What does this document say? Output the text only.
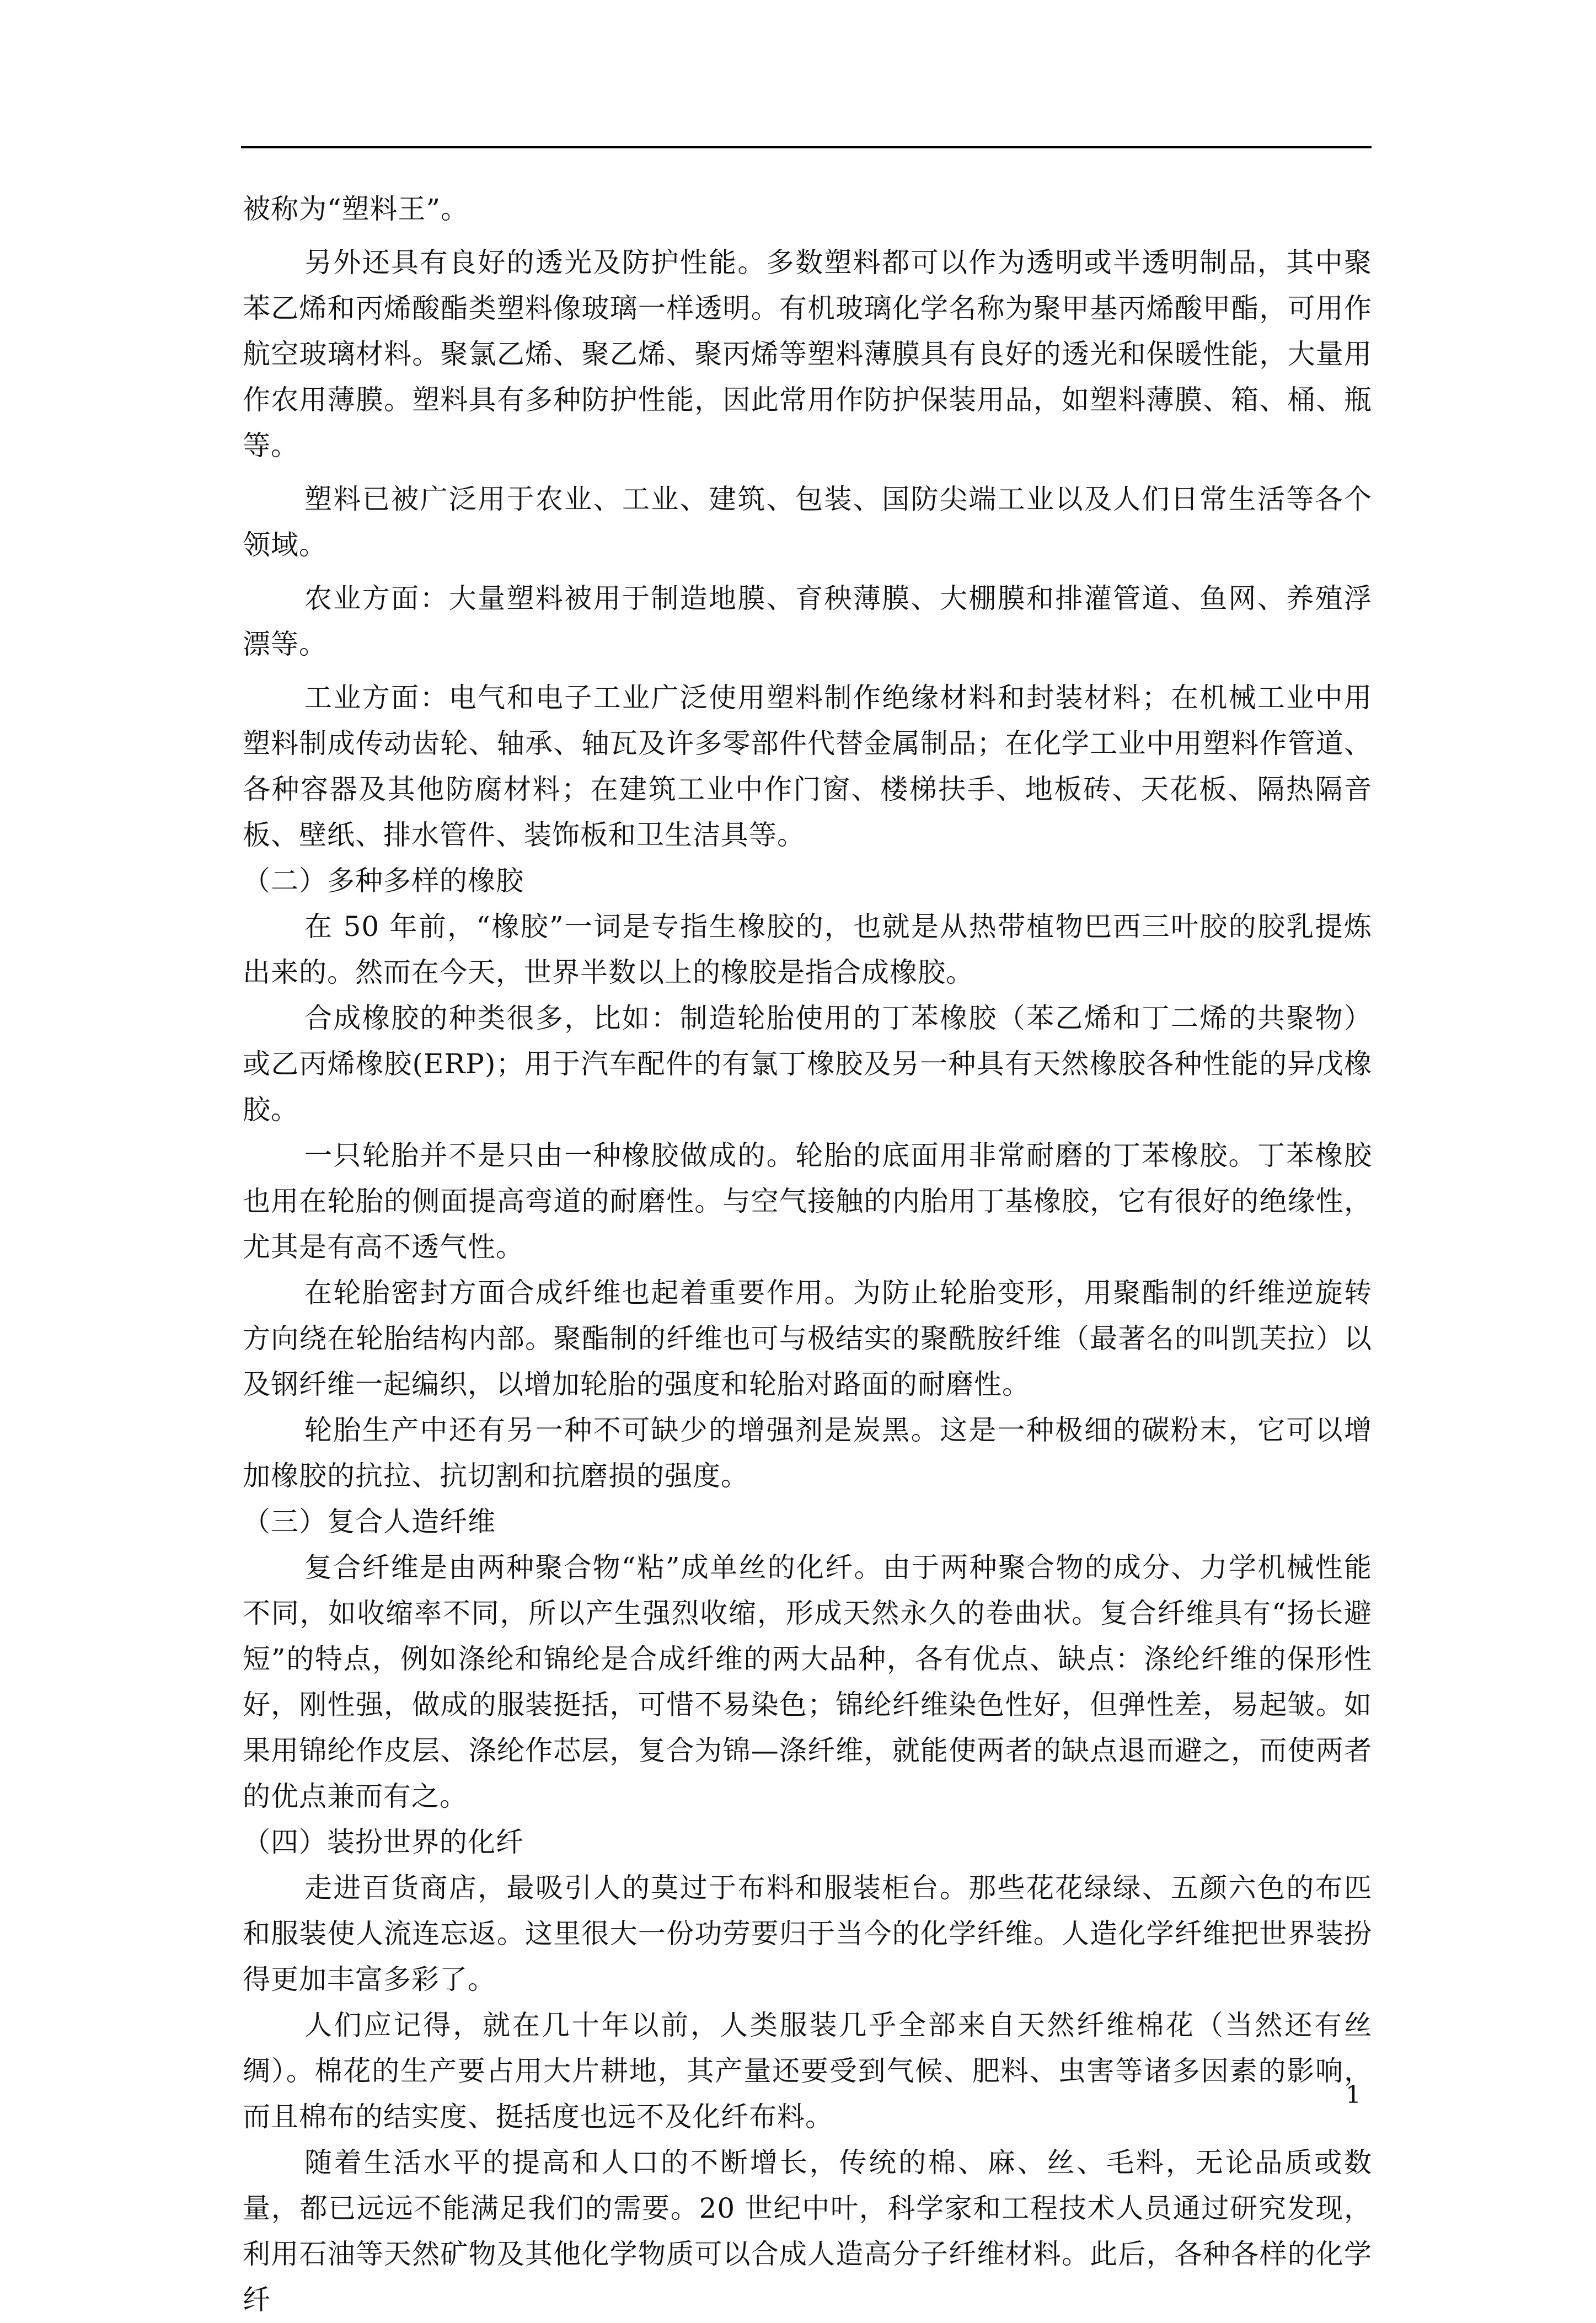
被称为“塑料王”。

另外还具有良好的透光及防护性能。多数塑料都可以作为透明或半透明制品，其中聚苯乙烯和丙烯酸酯类塑料像玻璃一样透明。有机玻璃化学名称为聚甲基丙烯酸甲酯，可用作航空玻璃材料。聚氯乙烯、聚乙烯、聚丙烯等塑料薄膜具有良好的透光和保暖性能，大量用作农用薄膜。塑料具有多种防护性能，因此常用作防护保装用品，如塑料薄膜、箱、桶、瓶等。

塑料已被广泛用于农业、工业、建筑、包装、国防尖端工业以及人们日常生活等各个领域。

农业方面：大量塑料被用于制造地膜、育秧薄膜、大棚膜和排灌管道、鱼网、养殖浮漂等。

工业方面：电气和电子工业广泛使用塑料制作绝缘材料和封装材料；在机械工业中用塑料制成传动齿轮、轴承、轴瓦及许多零部件代替金属制品；在化学工业中用塑料作管道、各种容器及其他防腐材料；在建筑工业中作门窗、楼梯扶手、地板砖、天花板、隔热隔音板、壁纸、排水管件、装饰板和卫生洁具等。

（二）多种多样的橡胶

在 50 年前，“橡胶”一词是专指生橡胶的，也就是从热带植物巴西三叶胶的胶乳提炼出来的。然而在今天，世界半数以上的橡胶是指合成橡胶。

合成橡胶的种类很多，比如：制造轮胎使用的丁苯橡胶（苯乙烯和丁二烯的共聚物）或乙丙烯橡胶(ERP)；用于汽车配件的有氯丁橡胶及另一种具有天然橡胶各种性能的异戊橡胶。

一只轮胎并不是只由一种橡胶做成的。轮胎的底面用非常耐磨的丁苯橡胶。丁苯橡胶也用在轮胎的侧面提高弯道的耐磨性。与空气接触的内胎用丁基橡胶，它有很好的绝缘性，尤其是有高不透气性。

在轮胎密封方面合成纤维也起着重要作用。为防止轮胎变形，用聚酯制的纤维逆旋转方向绕在轮胎结构内部。聚酯制的纤维也可与极结实的聚酰胺纤维（最著名的叫凯芙拉）以及钢纤维一起编织，以增加轮胎的强度和轮胎对路面的耐磨性。

轮胎生产中还有另一种不可缺少的增强剂是炭黑。这是一种极细的碳粉末，它可以增加橡胶的抗拉、抗切割和抗磨损的强度。

（三）复合人造纤维

复合纤维是由两种聚合物“粘”成单丝的化纤。由于两种聚合物的成分、力学机械性能不同，如收缩率不同，所以产生强烈收缩，形成天然永久的卷曲状。复合纤维具有“扬长避短”的特点，例如涤纶和锦纶是合成纤维的两大品种，各有优点、缺点：涤纶纤维的保形性好，刚性强，做成的服装挺括，可惜不易染色；锦纶纤维染色性好，但弹性差，易起皱。如果用锦纶作皮层、涤纶作芯层，复合为锦—涤纤维，就能使两者的缺点退而避之，而使两者的优点兼而有之。

（四）装扮世界的化纤

走进百货商店，最吸引人的莫过于布料和服装柜台。那些花花绿绿、五颜六色的布匹和服装使人流连忘返。这里很大一份功劳要归于当今的化学纤维。人造化学纤维把世界装扮得更加丰富多彩了。

人们应记得，就在几十年以前，人类服装几乎全部来自天然纤维棉花（当然还有丝绸）。棉花的生产要占用大片耕地，其产量还要受到气候、肥料、虫害等诸多因素的影响，而且棉布的结实度、挺括度也远不及化纤布料。

随着生活水平的提高和人口的不断增长，传统的棉、麻、丝、毛料，无论品质或数量，都已远远不能满足我们的需要。20 世纪中叶，科学家和工程技术人员通过研究发现，利用石油等天然矿物及其他化学物质可以合成人造高分子纤维材料。此后，各种各样的化学纤

1
